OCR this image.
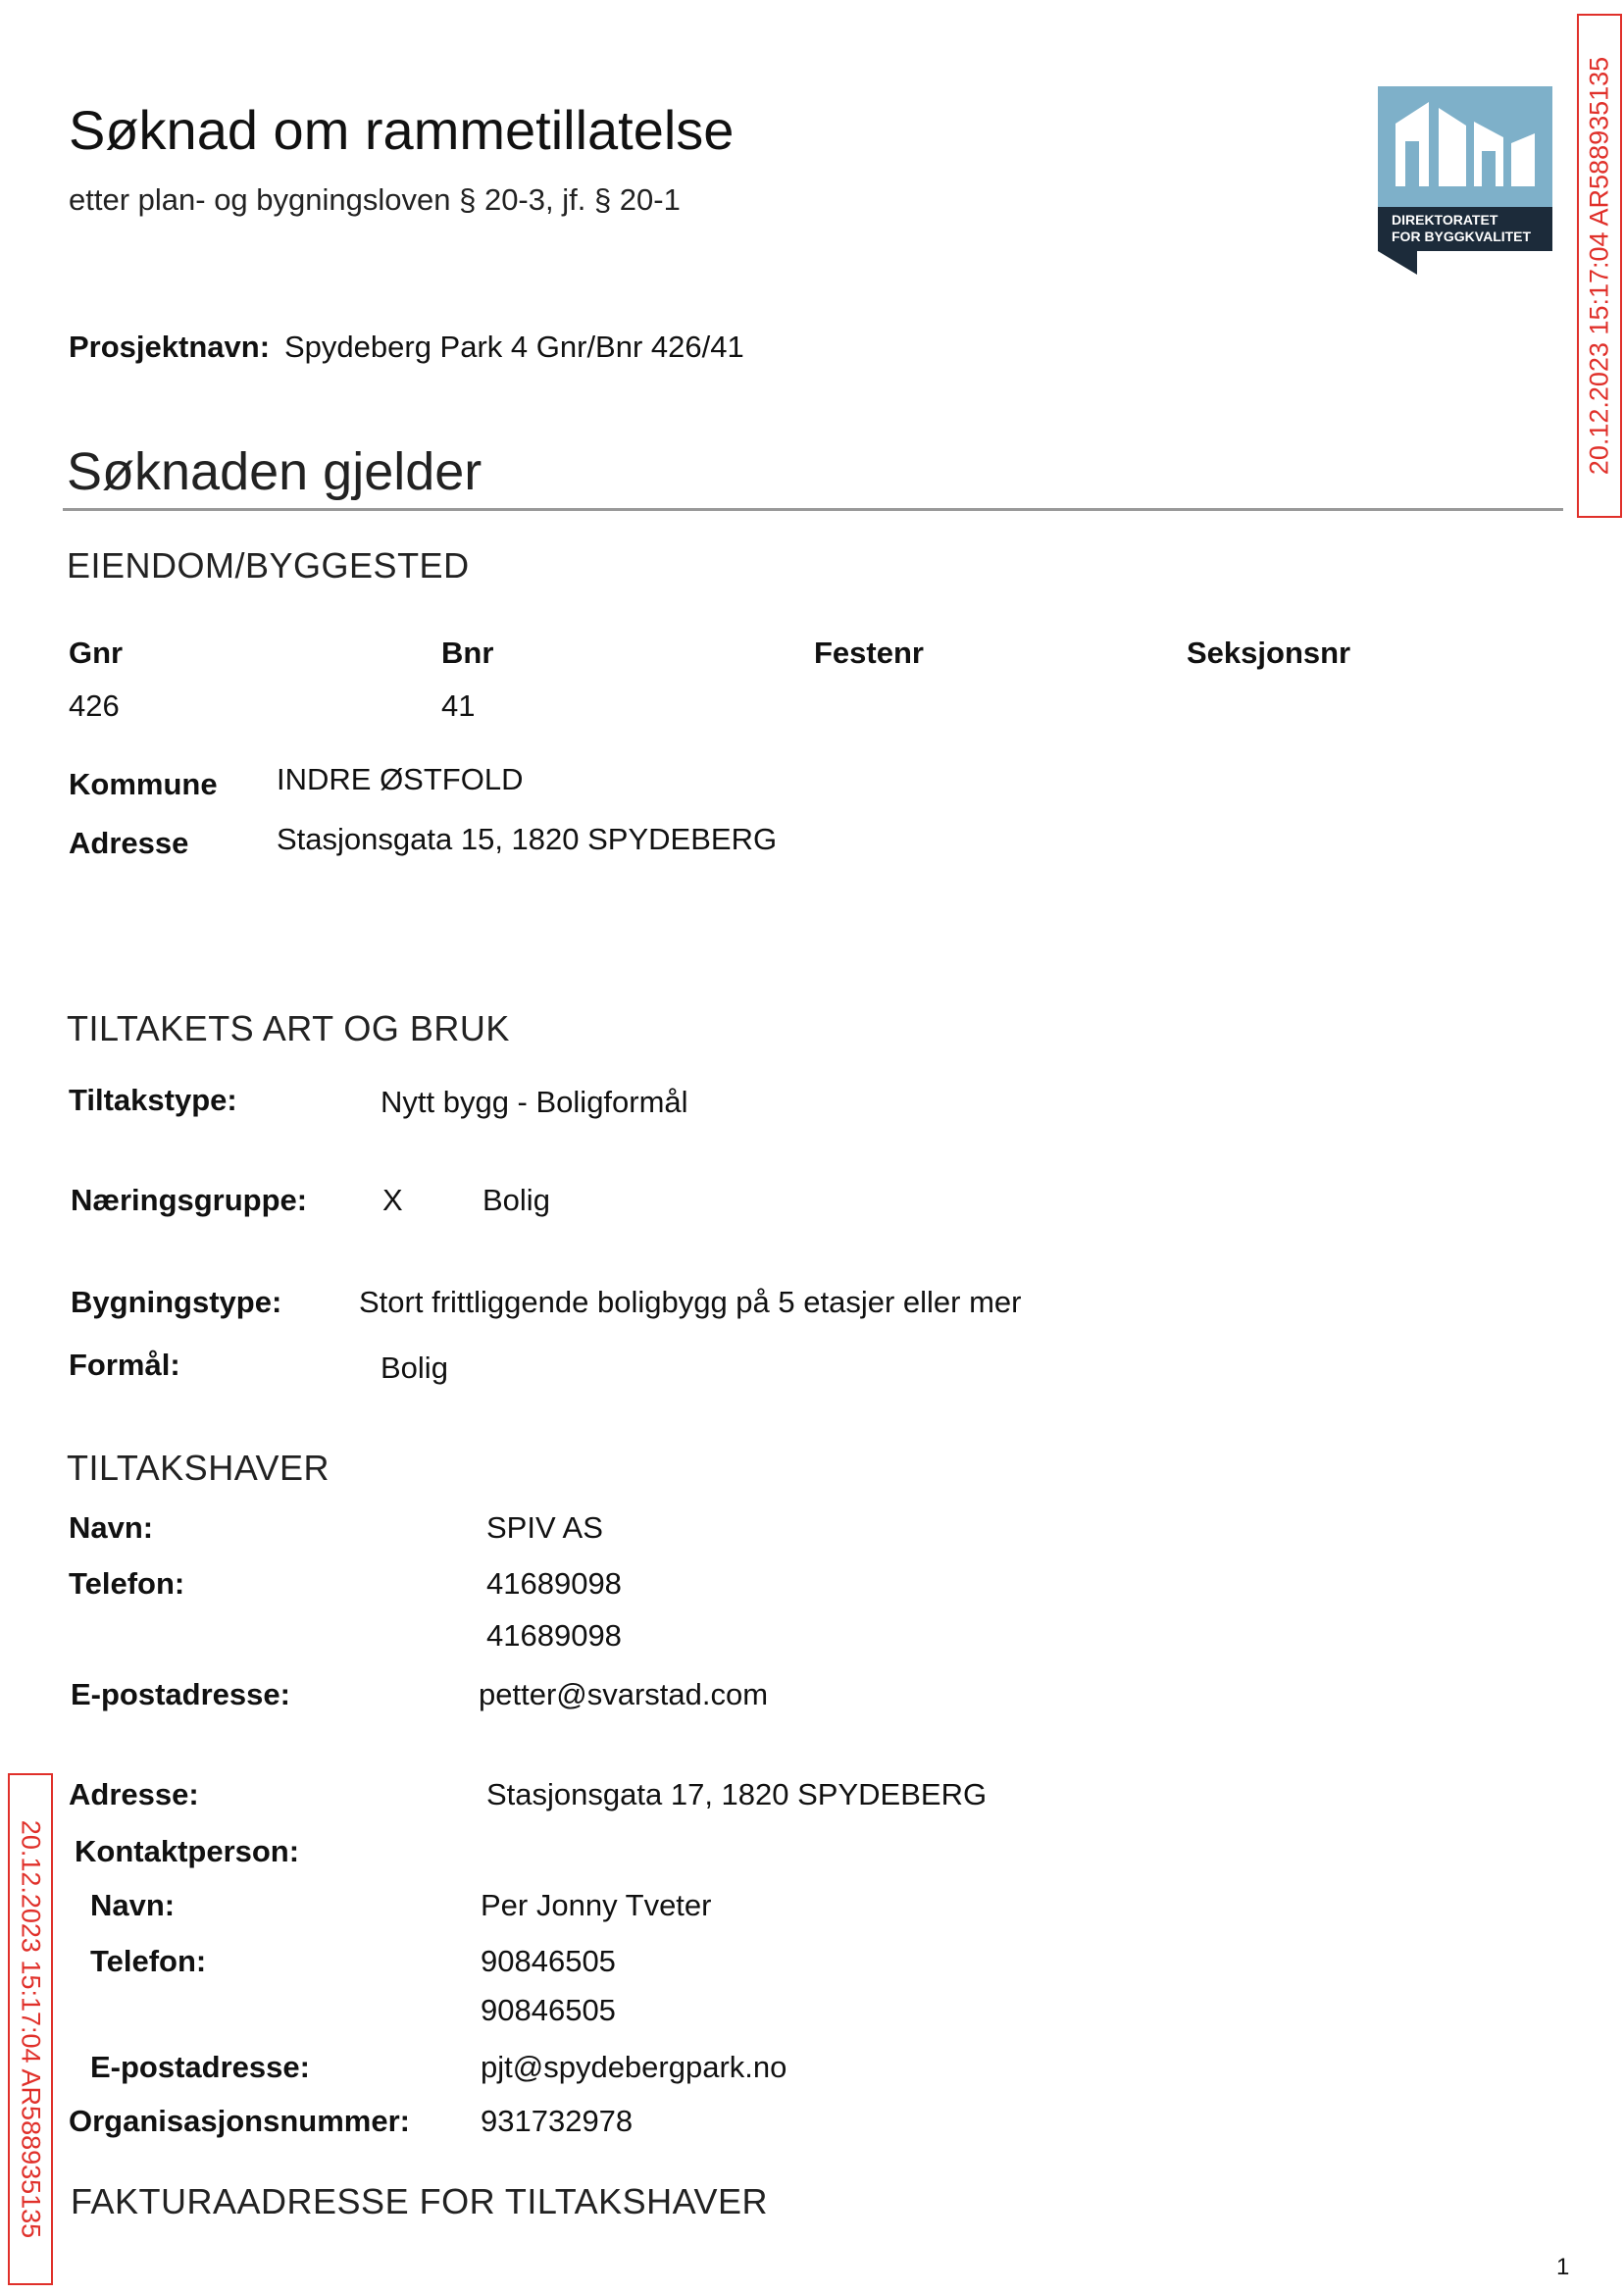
Søknad om rammetillatelse
etter plan- og bygningsloven § 20-3, jf. § 20-1
DIREKTORATET
FOR BYGGKVALITET 20.12.2023 15:17:04 AR588935135
20.12.2023 15:17:04 AR588935135
Prosjektnavn: Spydeberg Park 4 Gnr/Bnr 426/41
Søknaden gjelder
EIENDOM/BYGGESTED
Gnr	Bnr	Festenr	Seksjonsnr
426	41
Kommune INDRE ØSTFOLD
Adresse	Stasjonsgata 15, 1820 SPYDEBERG
TILTAKETS ART OG BRUK
Tiltakstype:	Nytt bygg - Boligformål
Næringsgruppe: X	Bolig
Bygningstype:	Stort frittliggende boligbygg på 5 etasjer eller mer
Formål:	Bolig
TILTAKSHAVER
Navn:	SPIV AS
Telefon:	41689098
41689098
E-postadresse:	petter@svarstad.com
Adresse:	Stasjonsgata 17, 1820 SPYDEBERG
Kontaktperson:
Navn:	Per Jonny Tveter
Telefon:	90846505
90846505
E-postadresse:	pjt@spydebergpark.no
Organisasjonsnummer: 931732978
FAKTURAADRESSE FOR TILTAKSHAVER
1
